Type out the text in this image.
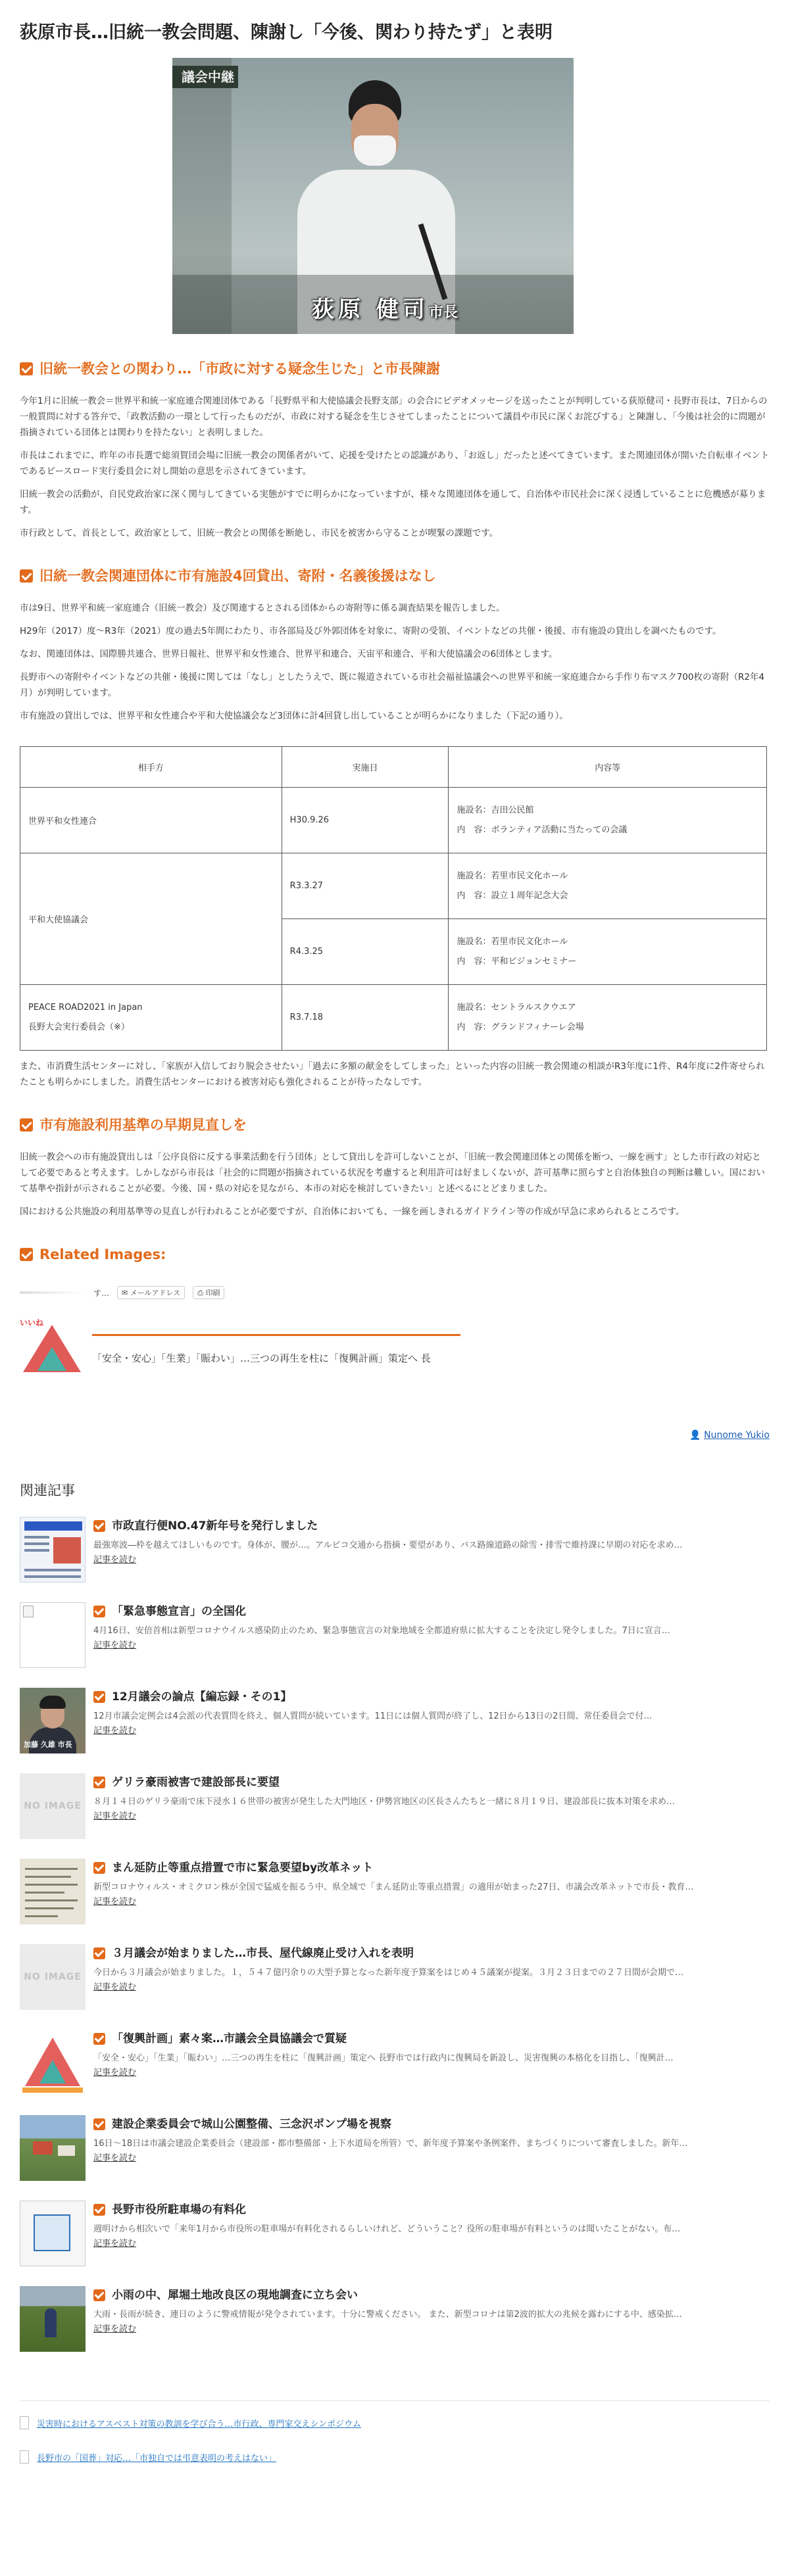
荻原市長…旧統一教会問題、陳謝し「今後、関わり持たず」と表明
議会中継
荻原 健司市長
旧統一教会との関わり…「市政に対する疑念生じた」と市長陳謝

今年1月に旧統一教会＝世界平和統一家庭連合関連団体である「長野県平和大使協議会長野支部」の会合にビデオメッセージを送ったことが判明している荻原健司・長野市長は、7日からの一般質問に対する答弁で、「政教活動の一環として行ったものだが、市政に対する疑念を生じさせてしまったことについて議員や市民に深くお詫びする」と陳謝し、「今後は社会的に問題が指摘されている団体とは関わりを持たない」と表明しました。

市長はこれまでに、昨年の市長選で総須賀団会場に旧統一教会の関係者がいて、応援を受けたとの認識があり、「お返し」だったと述べてきています。また関連団体が開いた自転車イベントであるピースロード実行委員会に対し開始の意思を示されてきています。

旧統一教会の活動が、自民党政治家に深く関与してきている実態がすでに明らかになっていますが、様々な関連団体を通して、自治体や市民社会に深く浸透していることに危機感が募ります。

市行政として、首長として、政治家として、旧統一教会との関係を断絶し、市民を被害から守ることが喫緊の課題です。

旧統一教会関連団体に市有施設4回貸出、寄附・名義後援はなし

市は9日、世界平和統一家庭連合（旧統一教会）及び関連するとされる団体からの寄附等に係る調査結果を報告しました。

H29年（2017）度～R3年（2021）度の過去5年間にわたり、市各部局及び外郭団体を対象に、寄附の受領、イベントなどの共催・後援、市有施設の貸出しを調べたものです。

なお、関連団体は、国際勝共連合、世界日報社、世界平和女性連合、世界平和連合、天宙平和連合、平和大使協議会の6団体とします。

長野市への寄附やイベントなどの共催・後援に関しては「なし」としたうえで、既に報道されている市社会福祉協議会への世界平和統一家庭連合から手作り布マスク700枚の寄附（R2年4月）が判明しています。

市有施設の貸出しでは、世界平和女性連合や平和大使協議会など3団体に計4回貸し出していることが明らかになりました（下記の通り）。

相手方	実施日	内容等
世界平和女性連合	H30.9.26	施設名：吉田公民館
内　容：ボランティア活動に当たっての会議

平和大使協議会	R3.3.27	施設名：若里市民文化ホール
内　容：設立１周年記念大会

	R4.3.25	施設名：若里市民文化ホール
内　容：平和ビジョンセミナー

PEACE ROAD2021 in Japan
長野大会実行委員会（※）	R3.7.18	施設名：セントラルスクウエア
内　容：グランドフィナーレ会場

また、市消費生活センターに対し、「家族が入信しており脱会させたい」「過去に多額の献金をしてしまった」といった内容の旧統一教会関連の相談がR3年度に1件、R4年度に2件寄せられたことも明らかにしました。消費生活センターにおける被害対応も強化されることが待ったなしです。

市有施設利用基準の早期見直しを

旧統一教会への市有施設貸出しは「公序良俗に反する事業活動を行う団体」として貸出しを許可しないことが、「旧統一教会関連団体との関係を断つ、一線を画す」とした市行政の対応として必要であると考えます。しかしながら市長は「社会的に問題が指摘されている状況を考慮すると利用許可は好ましくないが、許可基準に照らすと自治体独自の判断は難しい。国において基準や指針が示されることが必要。今後、国・県の対応を見ながら、本市の対応を検討していきたい」と述べるにとどまりました。

国における公共施設の利用基準等の見直しが行われることが必要ですが、自治体においても、一線を画しきれるガイドライン等の作成が早急に求められるところです。

Related Images:
す…	✉ メールアドレス	⎙ 印刷
いいね
「安全・安心」「生業」「賑わい」…三つの再生を柱に「復興計画」策定へ 長
👤 Nunome Yukio
関連記事
市政直行便NO.47新年号を発行しました
最強寒波―枠を越えてほしいものです。身体が、腰が…。アルピコ交通から指摘・要望があり、バス路線道路の除雪・排雪で維持課に早期の対応を求め…
記事を読む
「緊急事態宣言」の全国化
4月16日、安倍首相は新型コロナウイルス感染防止のため、緊急事態宣言の対象地域を全都道府県に拡大することを決定し発令しました。7日に宣言…
記事を読む
加藤 久雄 市長
12月議会の論点【編忘録・その1】
12月市議会定例会は4会派の代表質問を終え、個人質問が続いています。11日には個人質問が終了し、12日から13日の2日間、常任委員会で付…
記事を読む
NO IMAGE
ゲリラ豪雨被害で建設部長に要望
８月１４日のゲリラ豪雨で床下浸水１６世帯の被害が発生した大門地区・伊勢宮地区の区長さんたちと一緒に８月１９日、建設部長に抜本対策を求め…
記事を読む
まん延防止等重点措置で市に緊急要望by改革ネット
新型コロナウィルス・オミクロン株が全国で猛威を振るう中、県全域で「まん延防止等重点措置」の適用が始まった27日、市議会改革ネットで市長・教育…
記事を読む
NO IMAGE
３月議会が始まりました…市長、屋代線廃止受け入れを表明
今日から３月議会が始まりました。１，５４７億円余りの大型予算となった新年度予算案をはじめ４５議案が提案。３月２３日までの２７日間が会期で…
記事を読む
「復興計画」素々案…市議会全員協議会で質疑
「安全・安心」「生業」「賑わい」…三つの再生を柱に「復興計画」策定へ 長野市では行政内に復興局を新設し、災害復興の本格化を目指し、「復興計…
記事を読む
建設企業委員会で城山公園整備、三念沢ポンプ場を視察
16日～18日は市議会建設企業委員会（建設部・都市整備部・上下水道局を所管）で、新年度予算案や条例案件、まちづくりについて審査しました。新年…
記事を読む
長野市役所駐車場の有料化
週明けから相次いで「来年1月から市役所の駐車場が有料化されるらしいけれど、どういうこと？役所の駐車場が有料というのは聞いたことがない。布…
記事を読む
小雨の中、犀堀土地改良区の現地調査に立ち会い
大雨・長雨が続き、連日のように警戒情報が発令されています。十分に警戒ください。 また、新型コロナは第2波的拡大の兆候を露わにする中、感染拡…
記事を読む
災害時におけるアスベスト対策の教訓を学び合う…市行政、専門家交えシンポジウム
長野市の「国葬」対応…「市独自では弔意表明の考えはない」
